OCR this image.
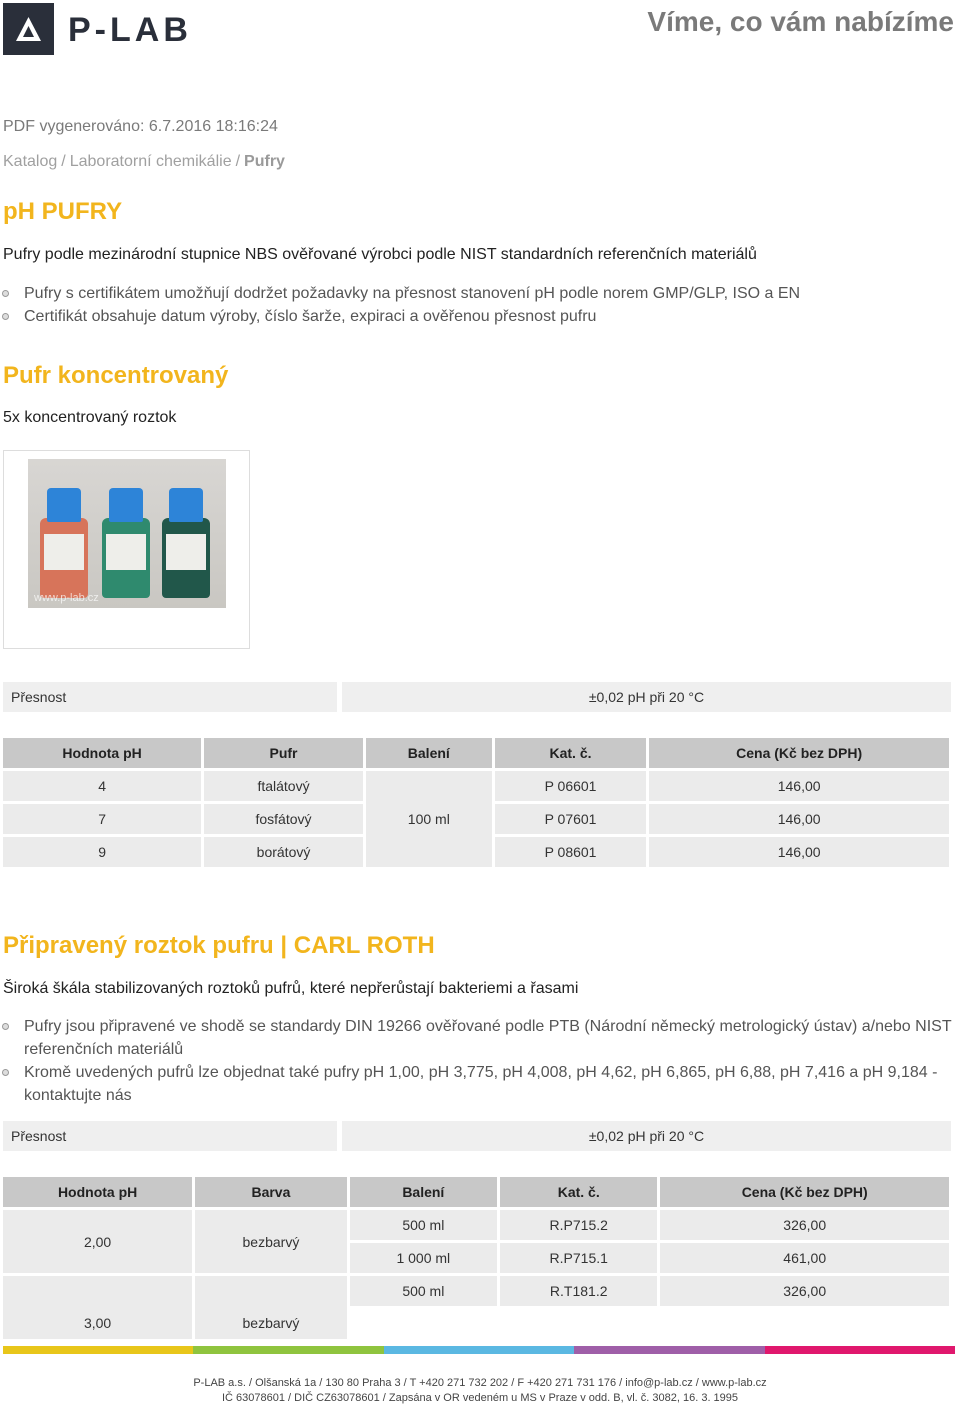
P-LAB	Víme, co vám nabízíme
PDF vygenerováno: 6.7.2016 18:16:24
Katalog / Laboratorní chemikálie / Pufry
pH PUFRY
Pufry podle mezinárodní stupnice NBS ověřované výrobci podle NIST standardních referenčních materiálů
Pufry s certifikátem umožňují dodržet požadavky na přesnost stanovení pH podle norem GMP/GLP, ISO a EN
Certifikát obsahuje datum výroby, číslo šarže, expiraci a ověřenou přesnost pufru
Pufr koncentrovaný
5x koncentrovaný roztok
www.p-lab.cz
Přesnost	±0,02 pH při 20 °C
Hodnota pH	Pufr	Balení	Kat. č.	Cena (Kč bez DPH)
4	ftalátový	100 ml	P 06601	146,00
7	fosfátový		P 07601	146,00
9	borátový		P 08601	146,00
Připravený roztok pufru | CARL ROTH
Široká škála stabilizovaných roztoků pufrů, které nepřerůstají bakteriemi a řasami
Pufry jsou připravené ve shodě se standardy DIN 19266 ověřované podle PTB (Národní německý metrologický ústav) a/nebo NIST referenčních materiálů
Kromě uvedených pufrů lze objednat také pufry pH 1,00, pH 3,775, pH 4,008, pH 4,62, pH 6,865, pH 6,88, pH 7,416 a pH 9,184 - kontaktujte nás
Přesnost	±0,02 pH při 20 °C
Hodnota pH	Barva	Balení	Kat. č.	Cena (Kč bez DPH)
2,00	bezbarvý	500 ml	R.P715.2	326,00
		1 000 ml	R.P715.1	461,00
3,00	bezbarvý	500 ml	R.T181.2	326,00

P-LAB a.s. / Olšanská 1a / 130 80 Praha 3 / T +420 271 732 202 / F +420 271 731 176 / info@p-lab.cz / www.p-lab.cz
IČ 63078601 / DIČ CZ63078601 / Zapsána v OR vedeném u MS v Praze v odd. B, vl. č. 3082, 16. 3. 1995
